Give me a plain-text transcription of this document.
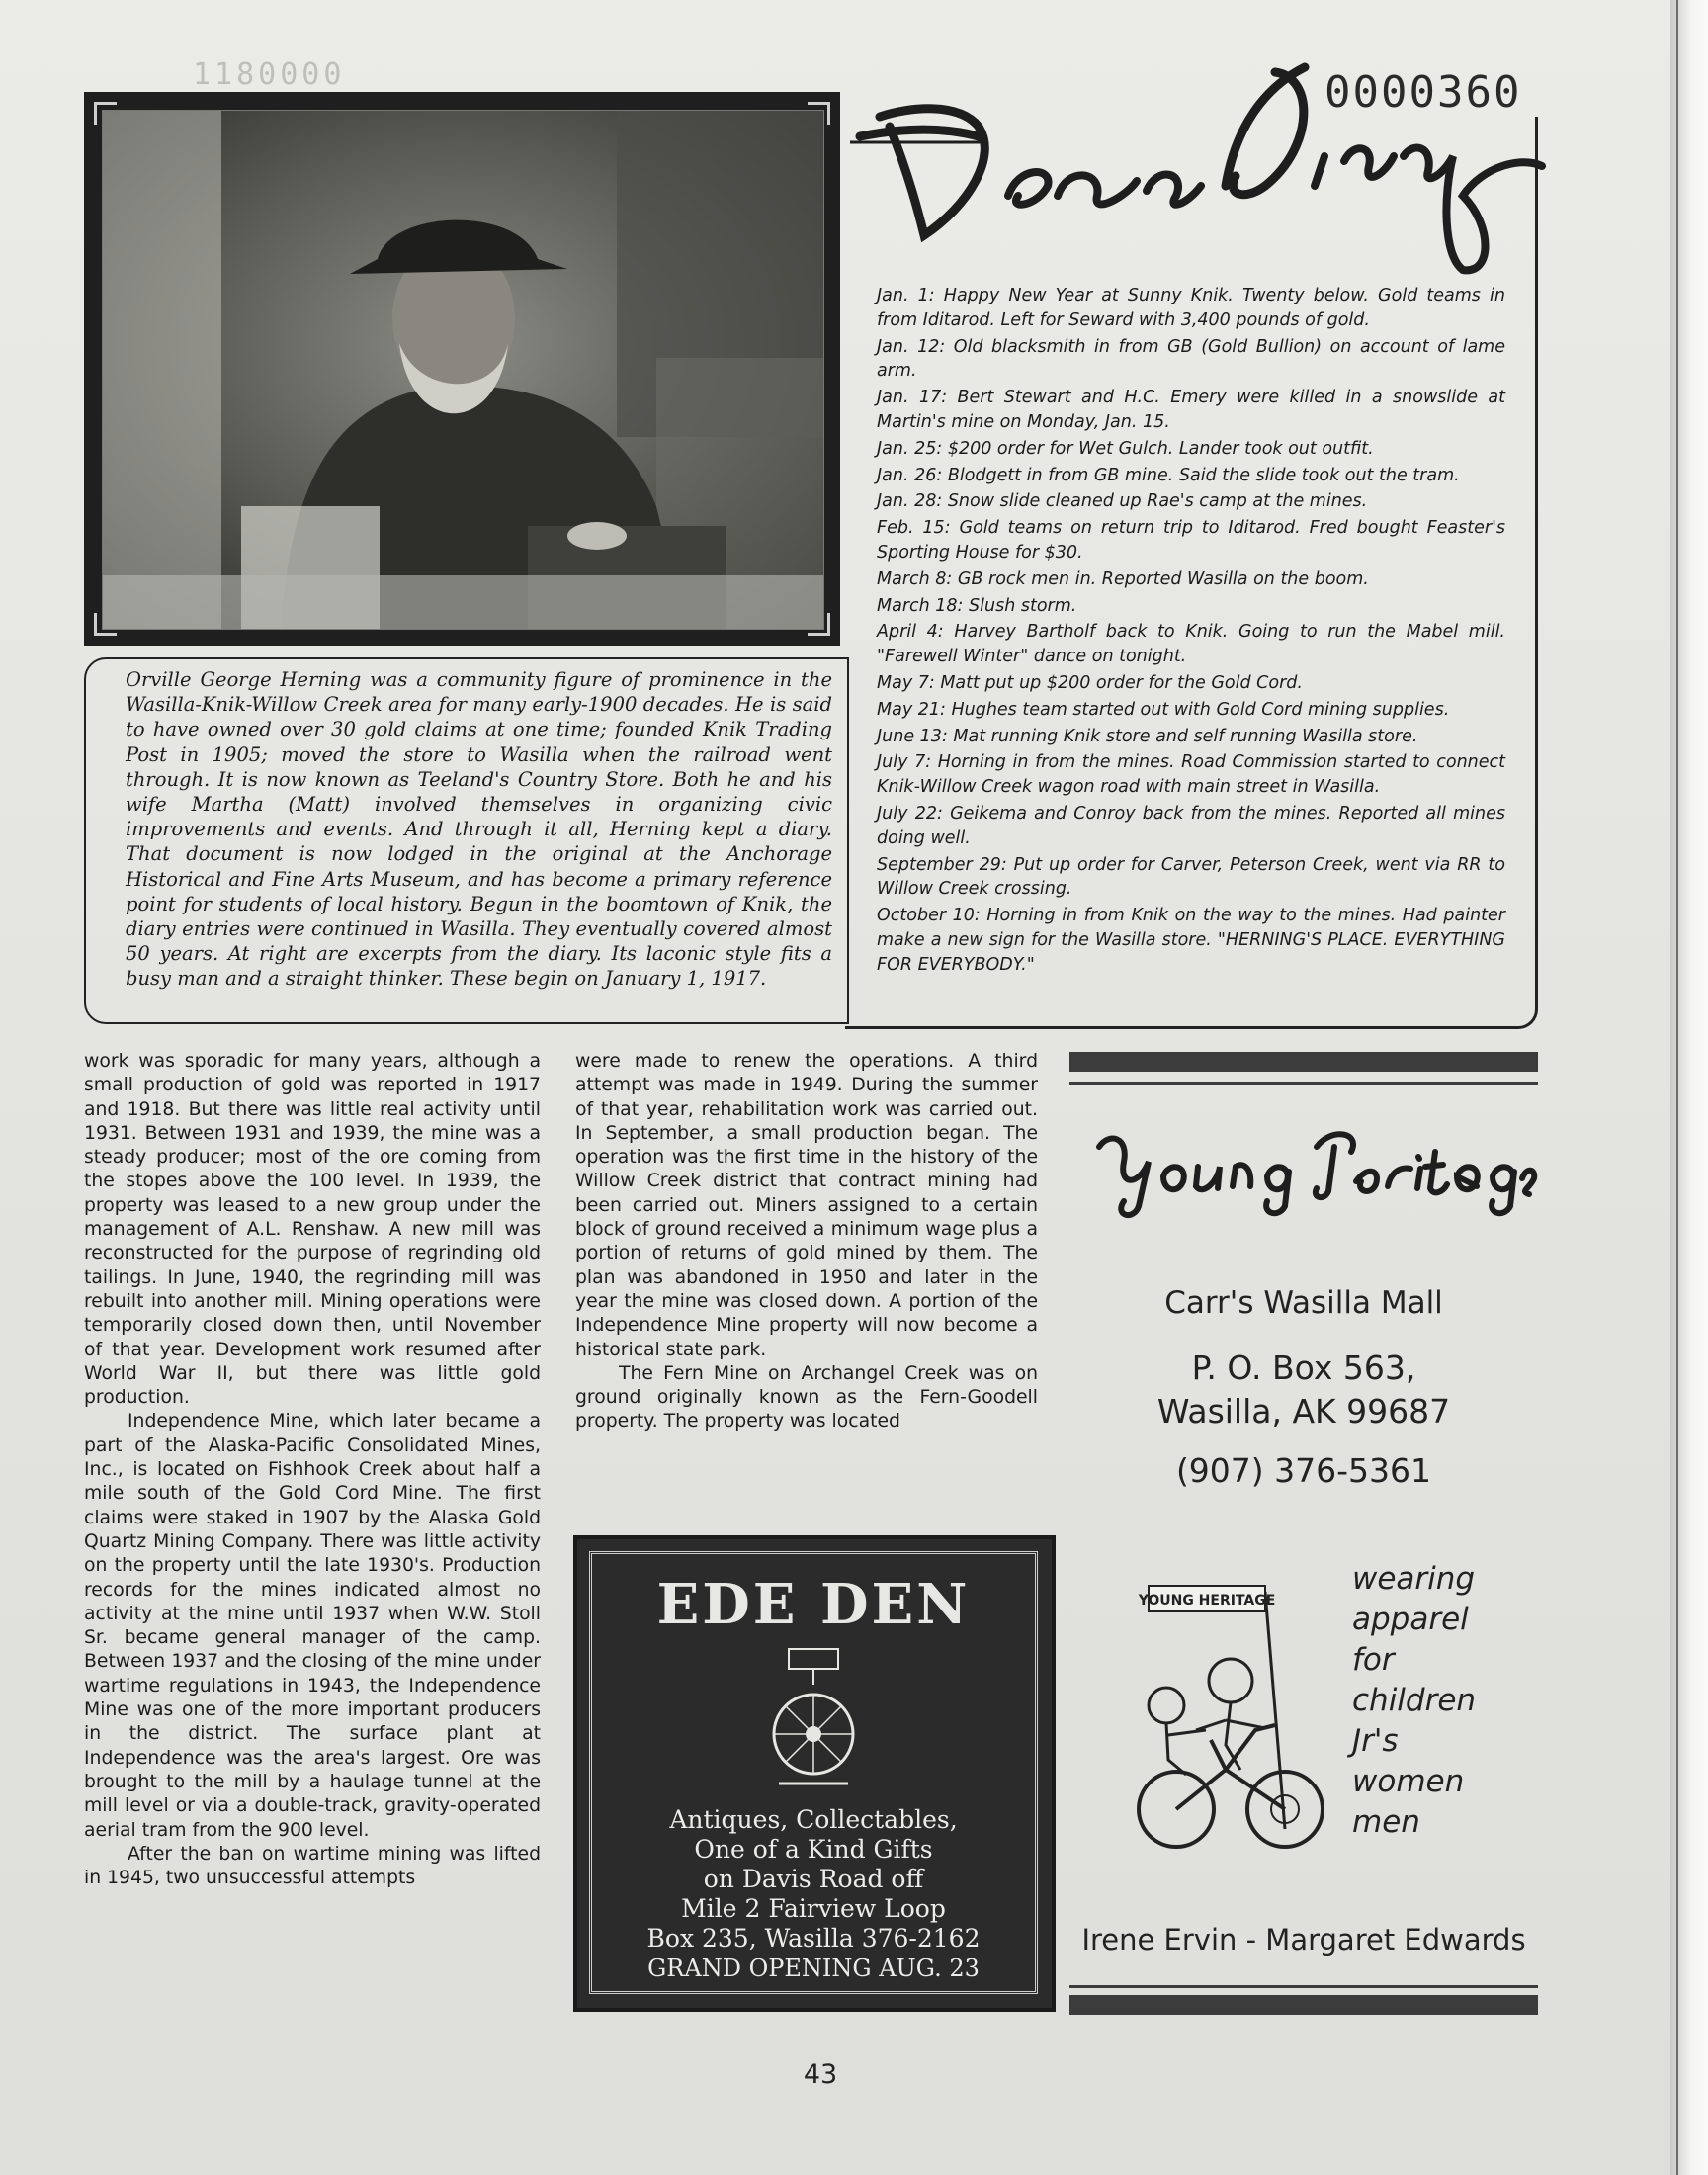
1180000
Orville George Herning was a community figure of prominence in the Wasilla-Knik-Willow Creek area for many early-1900 decades. He is said to have owned over 30 gold claims at one time; founded Knik Trading Post in 1905; moved the store to Wasilla when the railroad went through. It is now known as Teeland's Country Store. Both he and his wife Martha (Matt) involved themselves in organizing civic improvements and events. And through it all, Herning kept a diary. That document is now lodged in the original at the Anchorage Historical and Fine Arts Museum, and has become a primary reference point for students of local history. Begun in the boomtown of Knik, the diary entries were continued in Wasilla. They eventually covered almost 50 years. At right are excerpts from the diary. Its laconic style fits a busy man and a straight thinker. These begin on January 1, 1917.
0000360

Jan. 1: Happy New Year at Sunny Knik. Twenty below. Gold teams in from Iditarod. Left for Seward with 3,400 pounds of gold.

Jan. 12: Old blacksmith in from GB (Gold Bullion) on account of lame arm.

Jan. 17: Bert Stewart and H.C. Emery were killed in a snowslide at Martin's mine on Monday, Jan. 15.

Jan. 25: $200 order for Wet Gulch. Lander took out outfit.

Jan. 26: Blodgett in from GB mine. Said the slide took out the tram.

Jan. 28: Snow slide cleaned up Rae's camp at the mines.

Feb. 15: Gold teams on return trip to Iditarod. Fred bought Feaster's Sporting House for $30.

March 8: GB rock men in. Reported Wasilla on the boom.

March 18: Slush storm.

April 4: Harvey Bartholf back to Knik. Going to run the Mabel mill. "Farewell Winter" dance on tonight.

May 7: Matt put up $200 order for the Gold Cord.

May 21: Hughes team started out with Gold Cord mining supplies.

June 13: Mat running Knik store and self running Wasilla store.

July 7: Horning in from the mines. Road Commission started to connect Knik-Willow Creek wagon road with main street in Wasilla.

July 22: Geikema and Conroy back from the mines. Reported all mines doing well.

September 29: Put up order for Carver, Peterson Creek, went via RR to Willow Creek crossing.

October 10: Horning in from Knik on the way to the mines. Had painter make a new sign for the Wasilla store. "HERNING'S PLACE. EVERYTHING FOR EVERYBODY."

work was sporadic for many years, although a small production of gold was reported in 1917 and 1918. But there was little real activity until 1931. Between 1931 and 1939, the mine was a steady producer; most of the ore coming from the stopes above the 100 level. In 1939, the property was leased to a new group under the management of A.L. Renshaw. A new mill was reconstructed for the purpose of regrinding old tailings. In June, 1940, the regrinding mill was rebuilt into another mill. Mining operations were temporarily closed down then, until November of that year. Development work resumed after World War II, but there was little gold production.

Independence Mine, which later became a part of the Alaska-Pacific Consolidated Mines, Inc., is located on Fishhook Creek about half a mile south of the Gold Cord Mine. The first claims were staked in 1907 by the Alaska Gold Quartz Mining Company. There was little activity on the property until the late 1930's. Production records for the mines indicated almost no activity at the mine until 1937 when W.W. Stoll Sr. became general manager of the camp. Between 1937 and the closing of the mine under wartime regulations in 1943, the Independence Mine was one of the more important producers in the district. The surface plant at Independence was the area's largest. Ore was brought to the mill by a haulage tunnel at the mill level or via a double-track, gravity-operated aerial tram from the 900 level.

After the ban on wartime mining was lifted in 1945, two unsuccessful attempts

were made to renew the operations. A third attempt was made in 1949. During the summer of that year, rehabilitation work was carried out. In September, a small production began. The operation was the first time in the history of the Willow Creek district that contract mining had been carried out. Miners assigned to a certain block of ground received a minimum wage plus a portion of returns of gold mined by them. The plan was abandoned in 1950 and later in the year the mine was closed down. A portion of the Independence Mine property will now become a historical state park.

The Fern Mine on Archangel Creek was on ground originally known as the Fern-Goodell property. The property was located

EDE DEN
Antiques, Collectables,
One of a Kind Gifts
on Davis Road off
Mile 2 Fairview Loop
Box 235, Wasilla 376-2162
GRAND OPENING AUG. 23
Carr's Wasilla Mall
P. O. Box 563,
Wasilla, AK 99687
(907) 376-5361
YOUNG HERITAGE
wearing
apparel
for
children
Jr's
women
men
Irene Ervin - Margaret Edwards
43
